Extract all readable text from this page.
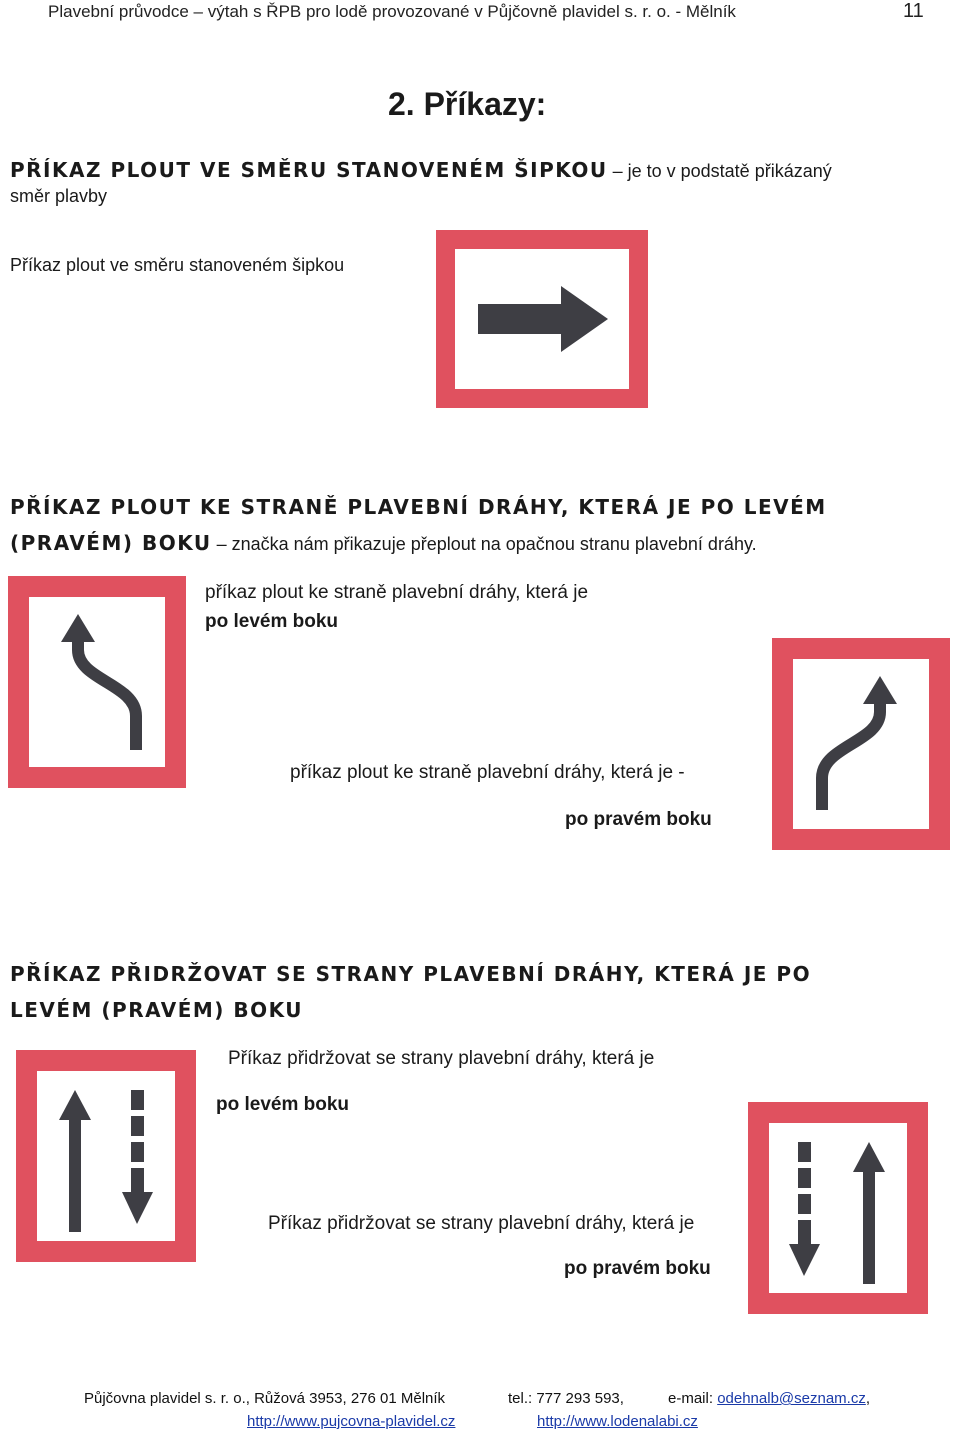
Plavební průvodce – výtah s ŘPB pro lodě provozované v Půjčovně plavidel s. r. o. - Mělník	11
2. Příkazy:
PŘÍKAZ PLOUT VE SMĚRU STANOVENÉM ŠIPKOU – je to v podstatě přikázaný
směr plavby
Příkaz plout ve směru stanoveném šipkou
PŘÍKAZ PLOUT KE STRANĚ PLAVEBNÍ DRÁHY, KTERÁ JE PO LEVÉM
(PRAVÉM) BOKU – značka nám přikazuje přeplout na opačnou stranu plavební dráhy.
příkaz plout ke straně plavební dráhy, která je
po levém boku
příkaz plout ke straně plavební dráhy, která je -
po pravém boku
PŘÍKAZ PŘIDRŽOVAT SE STRANY PLAVEBNÍ DRÁHY, KTERÁ JE PO
LEVÉM (PRAVÉM) BOKU
Příkaz přidržovat se strany plavební dráhy, která je
po levém boku
Příkaz přidržovat se strany plavební dráhy, která je
po pravém boku
Půjčovna plavidel s. r. o., Růžová 3953, 276 01 Mělník	tel.: 777 293 593,	e-mail: odehnalb@seznam.cz,
http://www.pujcovna-plavidel.cz	http://www.lodenalabi.cz
